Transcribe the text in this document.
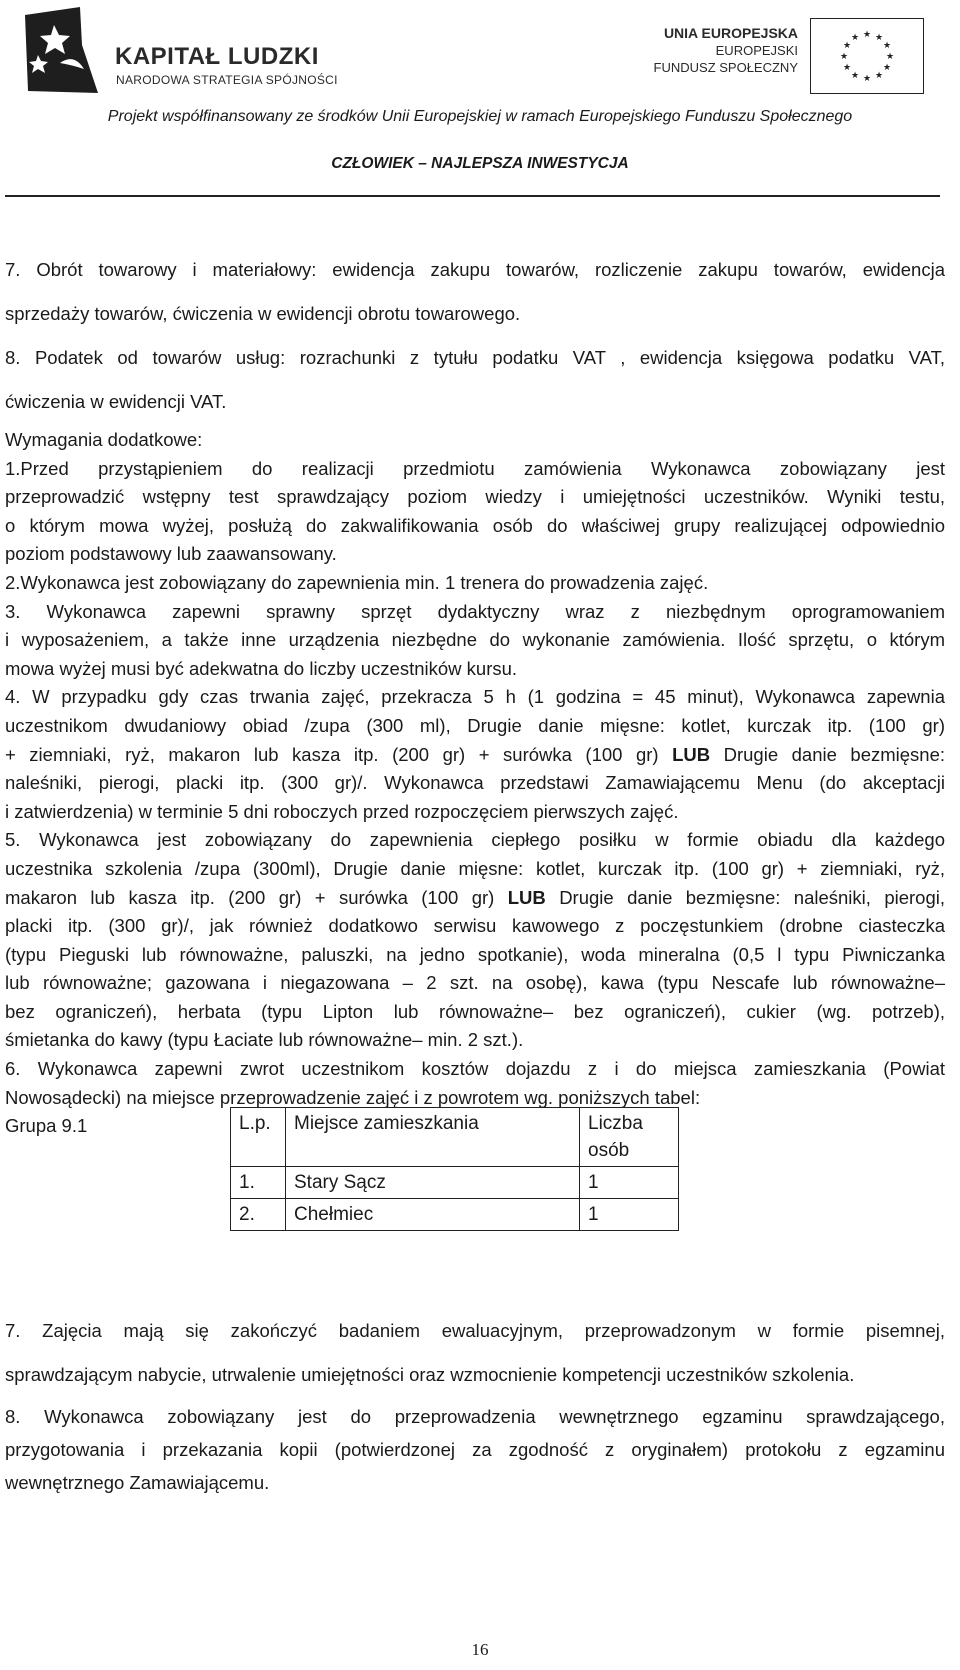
KAPITAŁ LUDZKI
NARODOWA STRATEGIA SPÓJNOŚCI
UNIA EUROPEJSKA
EUROPEJSKI
FUNDUSZ SPOŁECZNY
★ ★
★
★
★
★
★
★
★
★
★
★
Projekt współfinansowany ze środków Unii Europejskiej w ramach Europejskiego Funduszu Społecznego
CZŁOWIEK – NAJLEPSZA INWESTYCJA
7. Obrót towarowy i materiałowy: ewidencja zakupu towarów, rozliczenie zakupu towarów, ewidencja
sprzedaży towarów, ćwiczenia w ewidencji obrotu towarowego.
8. Podatek od towarów usług: rozrachunki z tytułu podatku VAT , ewidencja księgowa podatku VAT,
ćwiczenia w ewidencji VAT.
Wymagania dodatkowe:
1.Przed przystąpieniem do realizacji przedmiotu zamówienia Wykonawca zobowiązany jest
przeprowadzić wstępny test sprawdzający poziom wiedzy i umiejętności uczestników. Wyniki testu,
o którym mowa wyżej, posłużą do zakwalifikowania osób do właściwej grupy realizującej odpowiednio
poziom podstawowy lub zaawansowany.
2.Wykonawca jest zobowiązany do zapewnienia min. 1 trenera do prowadzenia zajęć.
3. Wykonawca zapewni sprawny sprzęt dydaktyczny wraz z niezbędnym oprogramowaniem
i wyposażeniem, a także inne urządzenia niezbędne do wykonanie zamówienia. Ilość sprzętu, o którym
mowa wyżej musi być adekwatna do liczby uczestników kursu.
4. W przypadku gdy czas trwania zajęć, przekracza 5 h (1 godzina = 45 minut), Wykonawca zapewnia
uczestnikom dwudaniowy obiad /zupa (300 ml), Drugie danie mięsne: kotlet, kurczak itp. (100 gr)
+ ziemniaki, ryż, makaron lub kasza itp. (200 gr) + surówka (100 gr) LUB Drugie danie bezmięsne:
naleśniki, pierogi, placki itp. (300 gr)/. Wykonawca przedstawi Zamawiającemu Menu (do akceptacji
i zatwierdzenia) w terminie 5 dni roboczych przed rozpoczęciem pierwszych zajęć.
5. Wykonawca jest zobowiązany do zapewnienia ciepłego posiłku w formie obiadu dla każdego
uczestnika szkolenia /zupa (300ml), Drugie danie mięsne: kotlet, kurczak itp. (100 gr) + ziemniaki, ryż,
makaron lub kasza itp. (200 gr) + surówka (100 gr) LUB Drugie danie bezmięsne: naleśniki, pierogi,
placki itp. (300 gr)/, jak również dodatkowo serwisu kawowego z poczęstunkiem (drobne ciasteczka
(typu Pieguski lub równoważne, paluszki, na jedno spotkanie), woda mineralna (0,5 l typu Piwniczanka
lub równoważne; gazowana i niegazowana – 2 szt. na osobę), kawa (typu Nescafe lub równoważne–
bez ograniczeń), herbata (typu Lipton lub równoważne– bez ograniczeń), cukier (wg. potrzeb),
śmietanka do kawy (typu Łaciate lub równoważne– min. 2 szt.).
6. Wykonawca zapewni zwrot uczestnikom kosztów dojazdu z i do miejsca zamieszkania (Powiat
Nowosądecki) na miejsce przeprowadzenie zajęć i z powrotem wg. poniższych tabel:
Grupa 9.1	L.p.	Miejsce zamieszkania	Liczba osób
1.	Stary Sącz	1
2.	Chełmiec	1
7. Zajęcia mają się zakończyć badaniem ewaluacyjnym, przeprowadzonym w formie pisemnej,
sprawdzającym nabycie, utrwalenie umiejętności oraz wzmocnienie kompetencji uczestników szkolenia.
8. Wykonawca zobowiązany jest do przeprowadzenia wewnętrznego egzaminu sprawdzającego,
przygotowania i przekazania kopii (potwierdzonej za zgodność z oryginałem) protokołu z egzaminu
wewnętrznego Zamawiającemu.
16
